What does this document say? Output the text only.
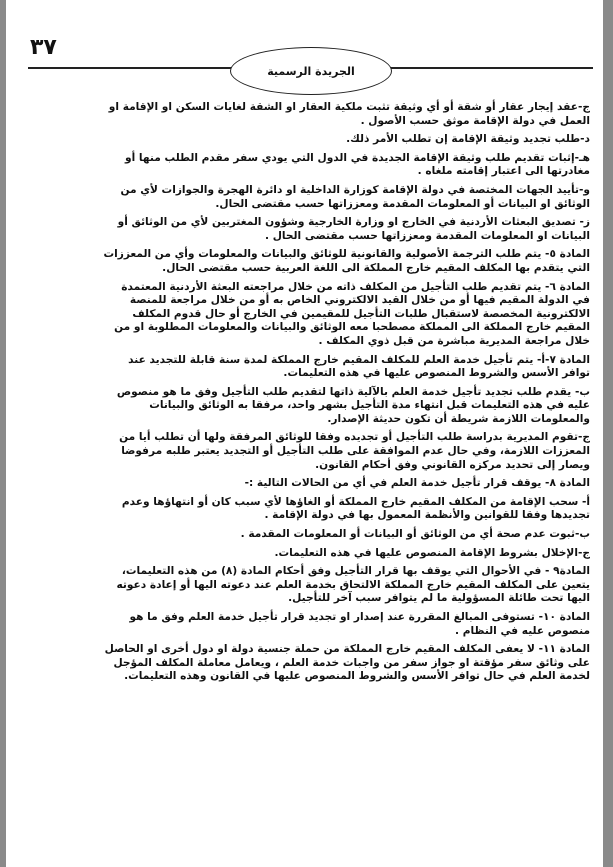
٣٧
الجريدة الرسمية
ج-عقد إيجار عقار أو شقة أو أي وثيقة تثبت ملكية العقار او الشقة لغايات السكن او الإقامة او العمل في دولة الإقامة موثق حسب الأصول .
د-طلب تجديد وثيقة الإقامة إن تطلب الأمر ذلك.
هـ-إثبات تقديم طلب وثيقة الإقامة الجديدة في الدول التي يودي سفر مقدم الطلب منها أو مغادرتها الى اعتبار إقامته ملغاه .
و-تأييد الجهات المختصة في دولة الإقامة كوزارة الداخلية او دائرة الهجرة والجوازات لأي من الوثائق او البيانات أو المعلومات المقدمة ومعززاتها حسب مقتضى الحال.
ز- تصديق البعثات الأردنية في الخارج او وزارة الخارجية وشؤون المغتربين لأي من الوثائق أو البيانات او المعلومات المقدمة ومعززاتها حسب مقتضى الحال .
المادة ٥- يتم طلب الترجمة الأصولية والقانونية للوثائق والبيانات والمعلومات وأي من المعززات التي يتقدم بها المكلف المقيم خارج المملكة الى اللغة العربية حسب مقتضى الحال.
المادة ٦- يتم تقديم طلب التأجيل من المكلف ذاته من خلال مراجعته البعثة الأردنية المعتمدة في الدولة المقيم فيها أو من خلال القيد الالكتروني الخاص به أو من خلال مراجعة للمنصة الالكترونية المخصصة لاستقبال طلبات التأجيل للمقيمين في الخارج أو حال قدوم المكلف المقيم خارج المملكة الى المملكة مصطحبا معه الوثائق والبيانات والمعلومات المطلوبة او من خلال مراجعة المديرية مباشرة من قبل ذوي المكلف .
المادة ٧-أ- يتم تأجيل خدمة العلم للمكلف المقيم خارج المملكة لمدة سنة قابلة للتجديد عند توافر الأسس والشروط المنصوص عليها في هذه التعليمات.
ب- يقدم طلب تجديد تأجيل خدمة العلم بالآلية ذاتها لتقديم طلب التأجيل وفق ما هو منصوص عليه في هذه التعليمات قبل انتهاء مدة التأجيل بشهر واحد، مرفقا به الوثائق والبيانات والمعلومات اللازمة شريطة أن تكون حديثة الإصدار.
ج-تقوم المديرية بدراسة طلب التأجيل أو تجديده وفقا للوثائق المرفقة ولها أن تطلب أيا من المعززات اللازمة، وفي حال عدم الموافقة على طلب التأجيل أو التجديد يعتبر طلبه مرفوضا ويصار إلى تحديد مركزه القانوني وفق أحكام القانون.
المادة ٨- يوقف قرار تأجيل خدمة العلم في أي من الحالات التالية :-
أ- سحب الإقامة من المكلف المقيم خارج المملكة أو الغاؤها لأي سبب كان أو انتهاؤها وعدم تجديدها وفقا للقوانين والأنظمة المعمول بها في دولة الإقامة .
ب-ثبوت عدم صحة أي من الوثائق أو البيانات أو المعلومات المقدمة .
ج-الإخلال بشروط الإقامة المنصوص عليها في هذه التعليمات.
المادة٩ - في الأحوال التي يوقف بها قرار التأجيل وفق أحكام المادة (٨) من هذه التعليمات، يتعين على المكلف المقيم خارج المملكة الالتحاق بخدمة العلم عند دعوته اليها أو إعادة دعوته اليها تحت طائلة المسؤولية ما لم يتوافر سبب آخر للتأجيل.
المادة ١٠- تستوفى المبالغ المقررة عند إصدار او تجديد قرار تأجيل خدمة العلم وفق ما هو منصوص عليه في النظام .
المادة ١١- لا يعفى المكلف المقيم خارج المملكة من حملة جنسية دولة او دول أخرى او الحاصل على وثائق سفر مؤقتة او جواز سفر من واجبات خدمة العلم ، ويعامل معاملة المكلف المؤجل لخدمة العلم في حال توافر الأسس والشروط المنصوص عليها في القانون وهذه التعليمات.
